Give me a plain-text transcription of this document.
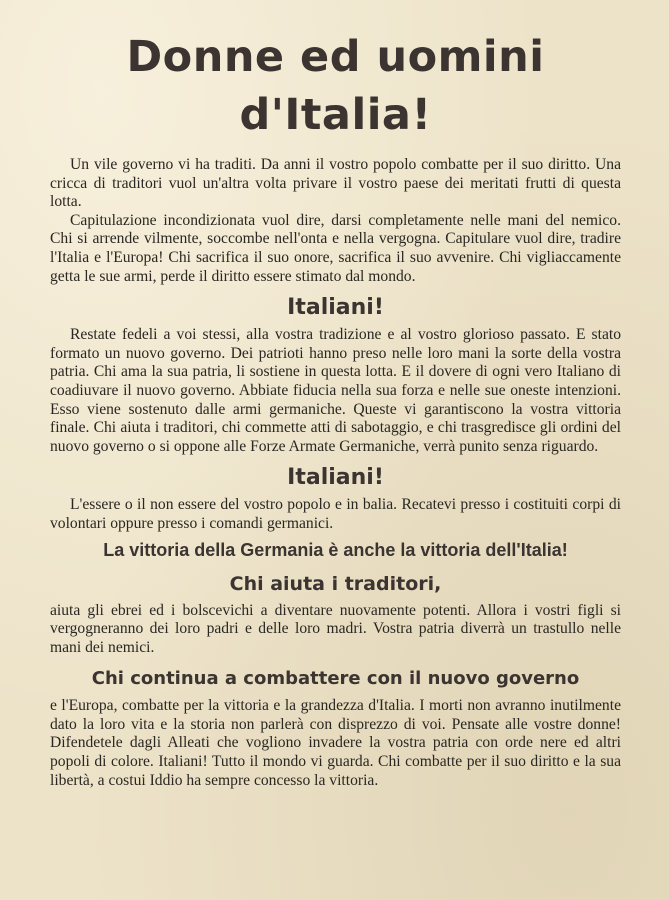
Donne ed uomini d'Italia!

Un vile governo vi ha traditi. Da anni il vostro popolo combatte per il suo diritto. Una cricca di traditori vuol un'altra volta privare il vostro paese dei meritati frutti di questa lotta.

Capitulazione incondizionata vuol dire, darsi completamente nelle mani del nemico. Chi si arrende vilmente, soccombe nell'onta e nella vergogna. Capitulare vuol dire, tradire l'Italia e l'Europa! Chi sacrifica il suo onore, sacrifica il suo avvenire. Chi vigliaccamente getta le sue armi, perde il diritto essere stimato dal mondo.

Italiani!

Restate fedeli a voi stessi, alla vostra tradizione e al vostro glorioso passato. E stato formato un nuovo governo. Dei patrioti hanno preso nelle loro mani la sorte della vostra patria. Chi ama la sua patria, li sostiene in questa lotta. E il dovere di ogni vero Italiano di coadiuvare il nuovo governo. Abbiate fiducia nella sua forza e nelle sue oneste intenzioni. Esso viene sostenuto dalle armi germaniche. Queste vi garantiscono la vostra vittoria finale. Chi aiuta i traditori, chi commette atti di sabotaggio, e chi trasgredisce gli ordini del nuovo governo o si oppone alle Forze Armate Germaniche, verrà punito senza riguardo.

Italiani!

L'essere o il non essere del vostro popolo e in balia. Recatevi presso i costituiti corpi di volontari oppure presso i comandi germanici.

La vittoria della Germania è anche la vittoria dell'Italia!
Chi aiuta i traditori,

aiuta gli ebrei ed i bolscevichi a diventare nuovamente potenti. Allora i vostri figli si vergogneranno dei loro padri e delle loro madri. Vostra patria diverrà un trastullo nelle mani dei nemici.

Chi continua a combattere con il nuovo governo

e l'Europa, combatte per la vittoria e la grandezza d'Italia. I morti non avranno inutilmente dato la loro vita e la storia non parlerà con disprezzo di voi. Pensate alle vostre donne! Difendetele dagli Alleati che vogliono invadere la vostra patria con orde nere ed altri popoli di colore. Italiani! Tutto il mondo vi guarda. Chi combatte per il suo diritto e la sua libertà, a costui Iddio ha sempre concesso la vittoria.
